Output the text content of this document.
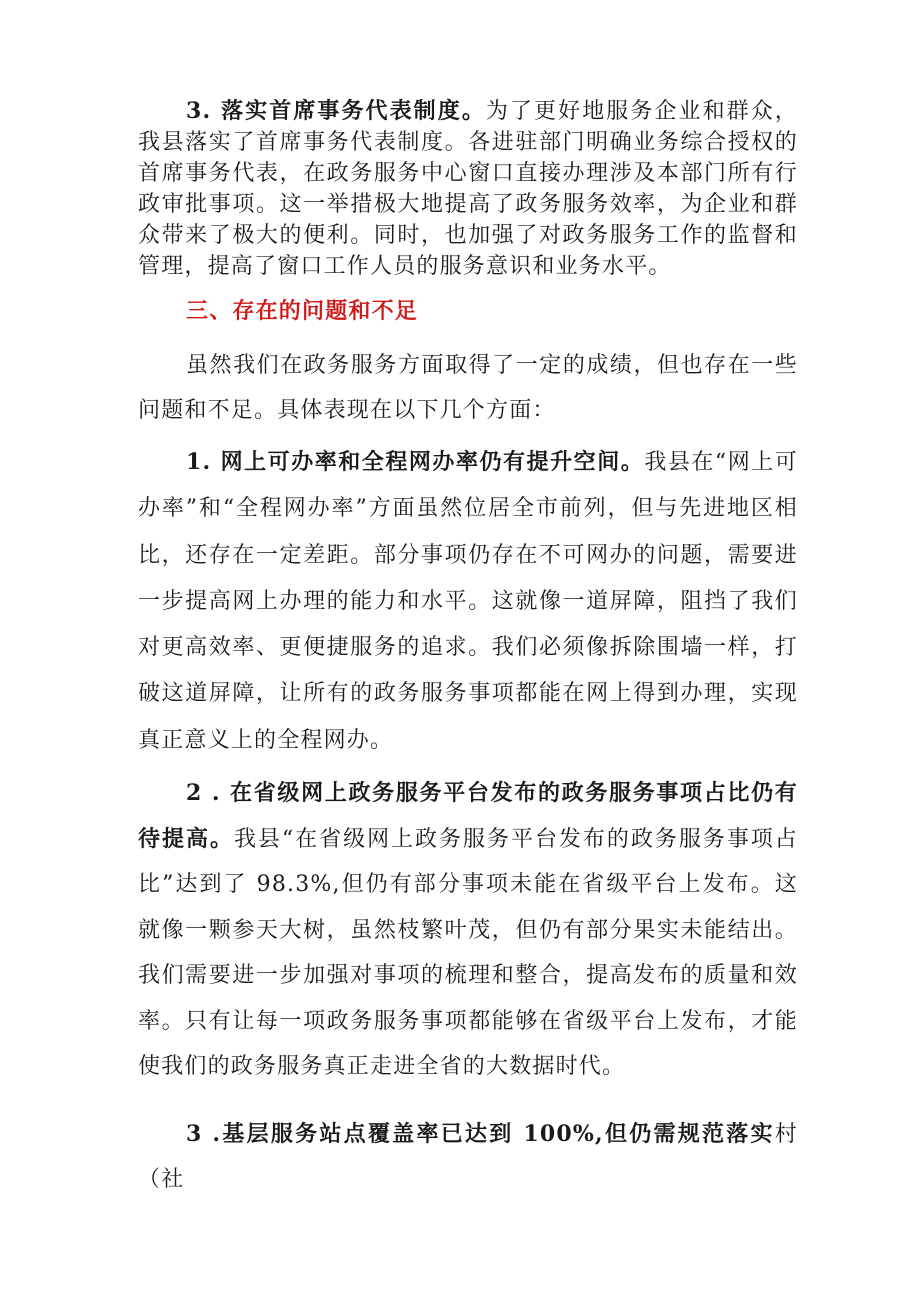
3. 落实首席事务代表制度。为了更好地服务企业和群众，我县落实了首席事务代表制度。各进驻部门明确业务综合授权的首席事务代表，在政务服务中心窗口直接办理涉及本部门所有行政审批事项。这一举措极大地提高了政务服务效率，为企业和群众带来了极大的便利。同时，也加强了对政务服务工作的监督和管理，提高了窗口工作人员的服务意识和业务水平。

三、存在的问题和不足

虽然我们在政务服务方面取得了一定的成绩，但也存在一些问题和不足。具体表现在以下几个方面：

1. 网上可办率和全程网办率仍有提升空间。我县在“网上可办率”和“全程网办率”方面虽然位居全市前列，但与先进地区相比，还存在一定差距。部分事项仍存在不可网办的问题，需要进一步提高网上办理的能力和水平。这就像一道屏障，阻挡了我们对更高效率、更便捷服务的追求。我们必须像拆除围墙一样，打破这道屏障，让所有的政务服务事项都能在网上得到办理，实现真正意义上的全程网办。

2 . 在省级网上政务服务平台发布的政务服务事项占比仍有待提高。我县“在省级网上政务服务平台发布的政务服务事项占比”达到了 98.3%,但仍有部分事项未能在省级平台上发布。这就像一颗参天大树，虽然枝繁叶茂，但仍有部分果实未能结出。我们需要进一步加强对事项的梳理和整合，提高发布的质量和效率。只有让每一项政务服务事项都能够在省级平台上发布，才能使我们的政务服务真正走进全省的大数据时代。

3 .基层服务站点覆盖率已达到 100%,但仍需规范落实村（社
